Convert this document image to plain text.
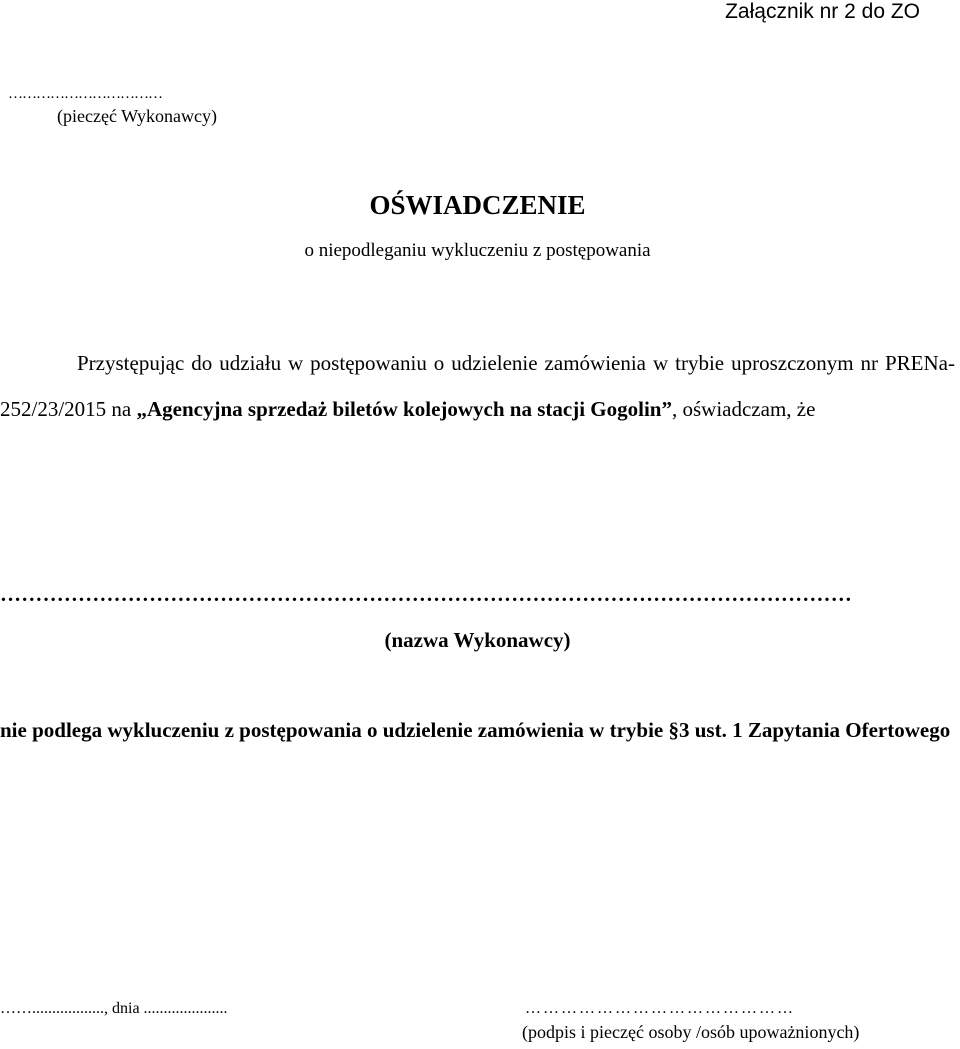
Załącznik nr 2 do ZO
……………………………
(pieczęć Wykonawcy)
OŚWIADCZENIE
o niepodleganiu wykluczeniu z postępowania
Przystępując do udziału w postępowaniu o udzielenie zamówienia w trybie uproszczonym nr PRENa-252/23/2015 na „Agencyjna sprzedaż biletów kolejowych na stacji Gogolin”, oświadczam, że
…………………………………………………………………………………………………………
(nazwa Wykonawcy)
nie podlega wykluczeniu z postępowania o udzielenie zamówienia w trybie §3 ust. 1 Zapytania Ofertowego
…….................., dnia .....................	………………………………………
(podpis i pieczęć osoby /osób upoważnionych)
